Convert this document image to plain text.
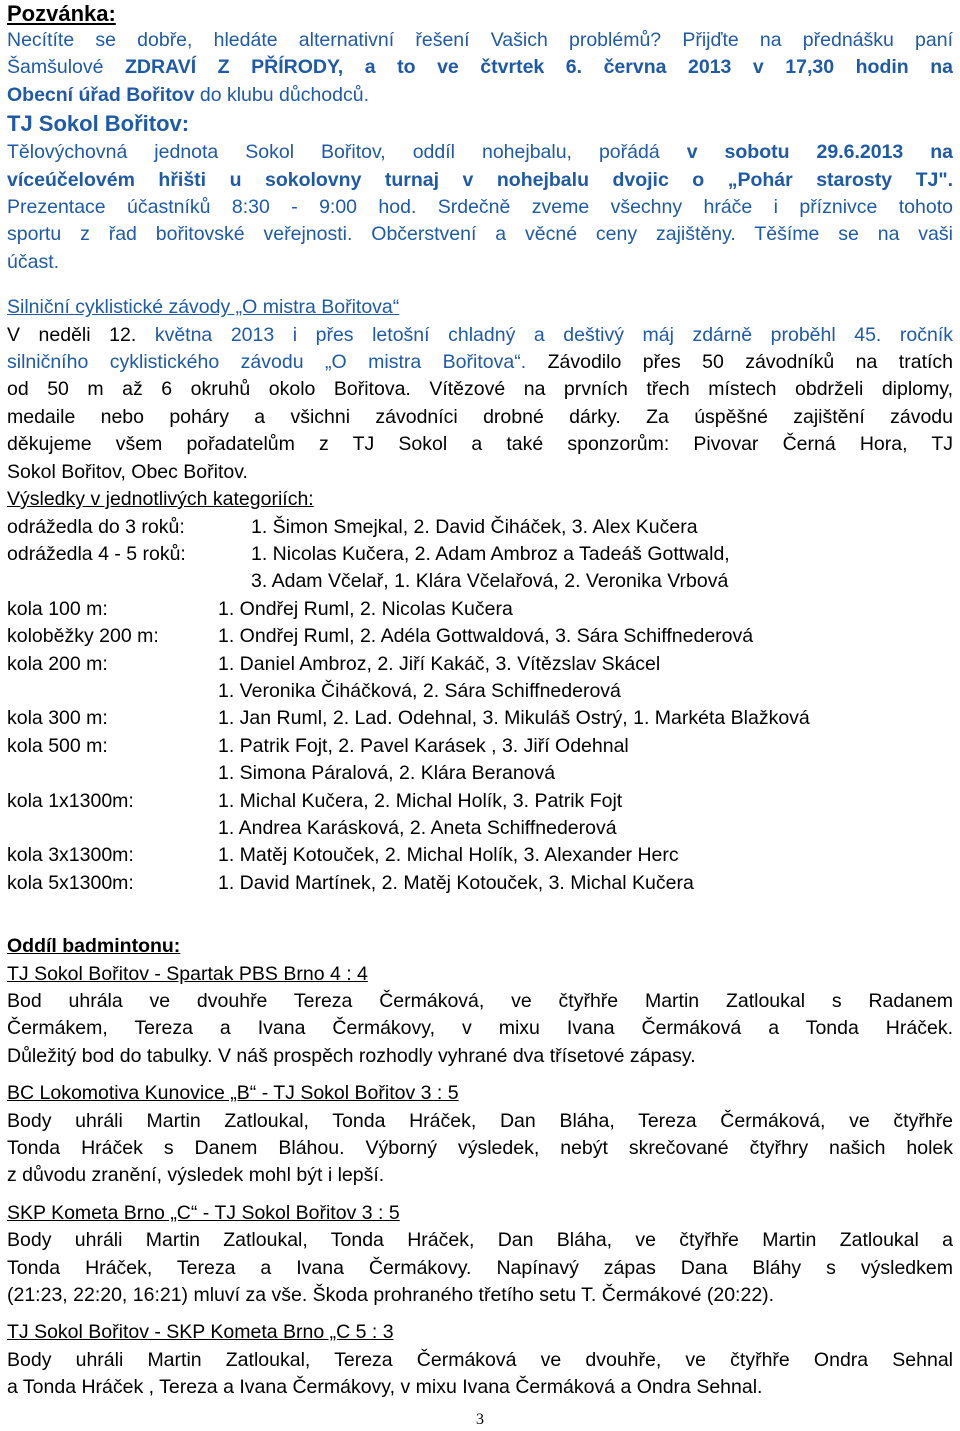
Pozvánka:
Necítíte se dobře, hledáte alternativní řešení Vašich problémů? Přijďte na přednášku paní
Šamšulové ZDRAVÍ Z PŘÍRODY, a to ve čtvrtek 6. června 2013 v 17,30 hodin na
Obecní úřad Bořitov do klubu důchodců.
TJ Sokol Bořitov:
Tělovýchovná jednota Sokol Bořitov, oddíl nohejbalu, pořádá v sobotu 29.6.2013 na
víceúčelovém hřišti u sokolovny turnaj v nohejbalu dvojic o „Pohár starosty TJ".
Prezentace účastníků 8:30 - 9:00 hod. Srdečně zveme všechny hráče i příznivce tohoto
sportu z řad bořitovské veřejnosti. Občerstvení a věcné ceny zajištěny. Těšíme se na vaši
účast.
Silniční cyklistické závody „O mistra Bořitova“
V neděli 12. května 2013 i přes letošní chladný a deštivý máj zdárně proběhl 45. ročník
silničního cyklistického závodu „O mistra Bořitova“. Závodilo přes 50 závodníků na tratích
od 50 m až 6 okruhů okolo Bořitova. Vítězové na prvních třech místech obdrželi diplomy,
medaile nebo poháry a všichni závodníci drobné dárky. Za úspěšné zajištění závodu
děkujeme všem pořadatelům z TJ Sokol a také sponzorům: Pivovar Černá Hora, TJ
Sokol Bořitov, Obec Bořitov.
Výsledky v jednotlivých kategoriích:
odrážedla do 3 roků:	1. Šimon Smejkal, 2. David Čiháček, 3. Alex Kučera
odrážedla 4 - 5 roků:	1. Nicolas Kučera, 2. Adam Ambroz a Tadeáš Gottwald,
3. Adam Včelař, 1. Klára Včelařová, 2. Veronika Vrbová
kola 100 m:	1. Ondřej Ruml, 2. Nicolas Kučera
koloběžky 200 m:	1. Ondřej Ruml, 2. Adéla Gottwaldová, 3. Sára Schiffnederová
kola 200 m:	1. Daniel Ambroz, 2. Jiří Kakáč, 3. Vítězslav Skácel
1. Veronika Čiháčková, 2. Sára Schiffnederová
kola 300 m:	1. Jan Ruml, 2. Lad. Odehnal, 3. Mikuláš Ostrý, 1. Markéta Blažková
kola 500 m:	1. Patrik Fojt, 2. Pavel Karásek , 3. Jiří Odehnal
1. Simona Páralová, 2. Klára Beranová
kola 1x1300m:	1. Michal Kučera, 2. Michal Holík, 3. Patrik Fojt
1. Andrea Karásková, 2. Aneta Schiffnederová
kola 3x1300m:	1. Matěj Kotouček, 2. Michal Holík, 3. Alexander Herc
kola 5x1300m:	1. David Martínek, 2. Matěj Kotouček, 3. Michal Kučera
Oddíl badmintonu:
TJ Sokol Bořitov - Spartak PBS Brno 4 : 4
Bod uhrála ve dvouhře Tereza Čermáková, ve čtyřhře Martin Zatloukal s Radanem
Čermákem, Tereza a Ivana Čermákovy, v mixu Ivana Čermáková a Tonda Hráček.
Důležitý bod do tabulky. V náš prospěch rozhodly vyhrané dva třísetové zápasy.
BC Lokomotiva Kunovice „B“ - TJ Sokol Bořitov 3 : 5
Body uhráli Martin Zatloukal, Tonda Hráček, Dan Bláha, Tereza Čermáková, ve čtyřhře
Tonda Hráček s Danem Bláhou. Výborný výsledek, nebýt skrečované čtyřhry našich holek
z důvodu zranění, výsledek mohl být i lepší.
SKP Kometa Brno „C“ - TJ Sokol Bořitov 3 : 5
Body uhráli Martin Zatloukal, Tonda Hráček, Dan Bláha, ve čtyřhře Martin Zatloukal a
Tonda Hráček, Tereza a Ivana Čermákovy. Napínavý zápas Dana Bláhy s výsledkem
(21:23, 22:20, 16:21) mluví za vše. Škoda prohraného třetího setu T. Čermákové (20:22).
TJ Sokol Bořitov - SKP Kometa Brno „C 5 : 3
Body uhráli Martin Zatloukal, Tereza Čermáková ve dvouhře, ve čtyřhře Ondra Sehnal
a Tonda Hráček , Tereza a Ivana Čermákovy, v mixu Ivana Čermáková a Ondra Sehnal.
3
